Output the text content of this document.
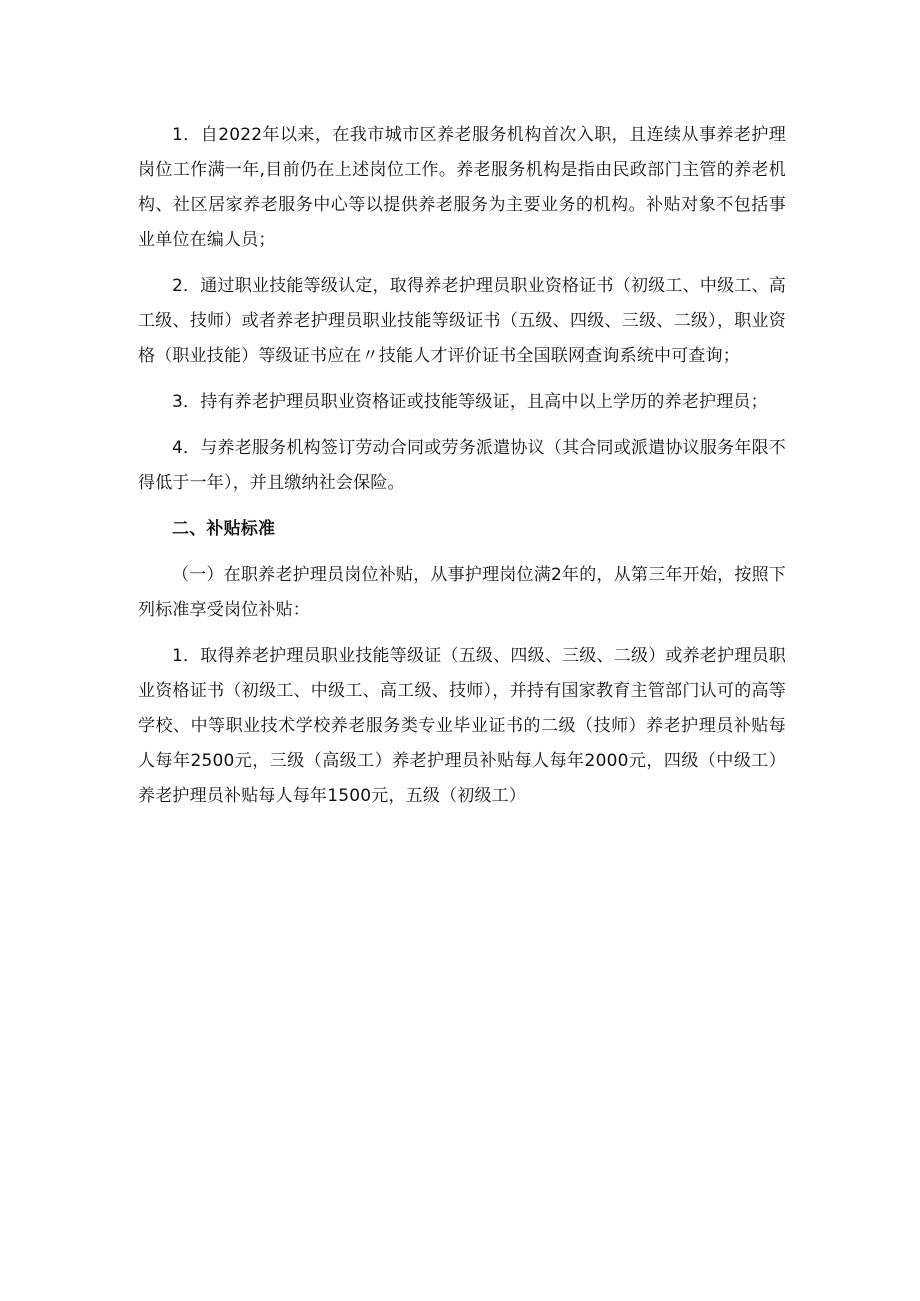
1．自2022年以来，在我市城市区养老服务机构首次入职，且连续从事养老护理岗位工作满一年,目前仍在上述岗位工作。养老服务机构是指由民政部门主管的养老机构、社区居家养老服务中心等以提供养老服务为主要业务的机构。补贴对象不包括事业单位在编人员；

2．通过职业技能等级认定，取得养老护理员职业资格证书（初级工、中级工、高工级、技师）或者养老护理员职业技能等级证书（五级、四级、三级、二级），职业资格（职业技能）等级证书应在〃技能人才评价证书全国联网查询系统中可查询；

3．持有养老护理员职业资格证或技能等级证，且高中以上学历的养老护理员；

4．与养老服务机构签订劳动合同或劳务派遣协议（其合同或派遣协议服务年限不得低于一年），并且缴纳社会保险。

二、补贴标准

（一）在职养老护理员岗位补贴，从事护理岗位满2年的，从第三年开始，按照下列标准享受岗位补贴：

1．取得养老护理员职业技能等级证（五级、四级、三级、二级）或养老护理员职业资格证书（初级工、中级工、高工级、技师），并持有国家教育主管部门认可的高等学校、中等职业技术学校养老服务类专业毕业证书的二级（技师）养老护理员补贴每人每年2500元，三级（高级工）养老护理员补贴每人每年2000元，四级（中级工）养老护理员补贴每人每年1500元，五级（初级工）
